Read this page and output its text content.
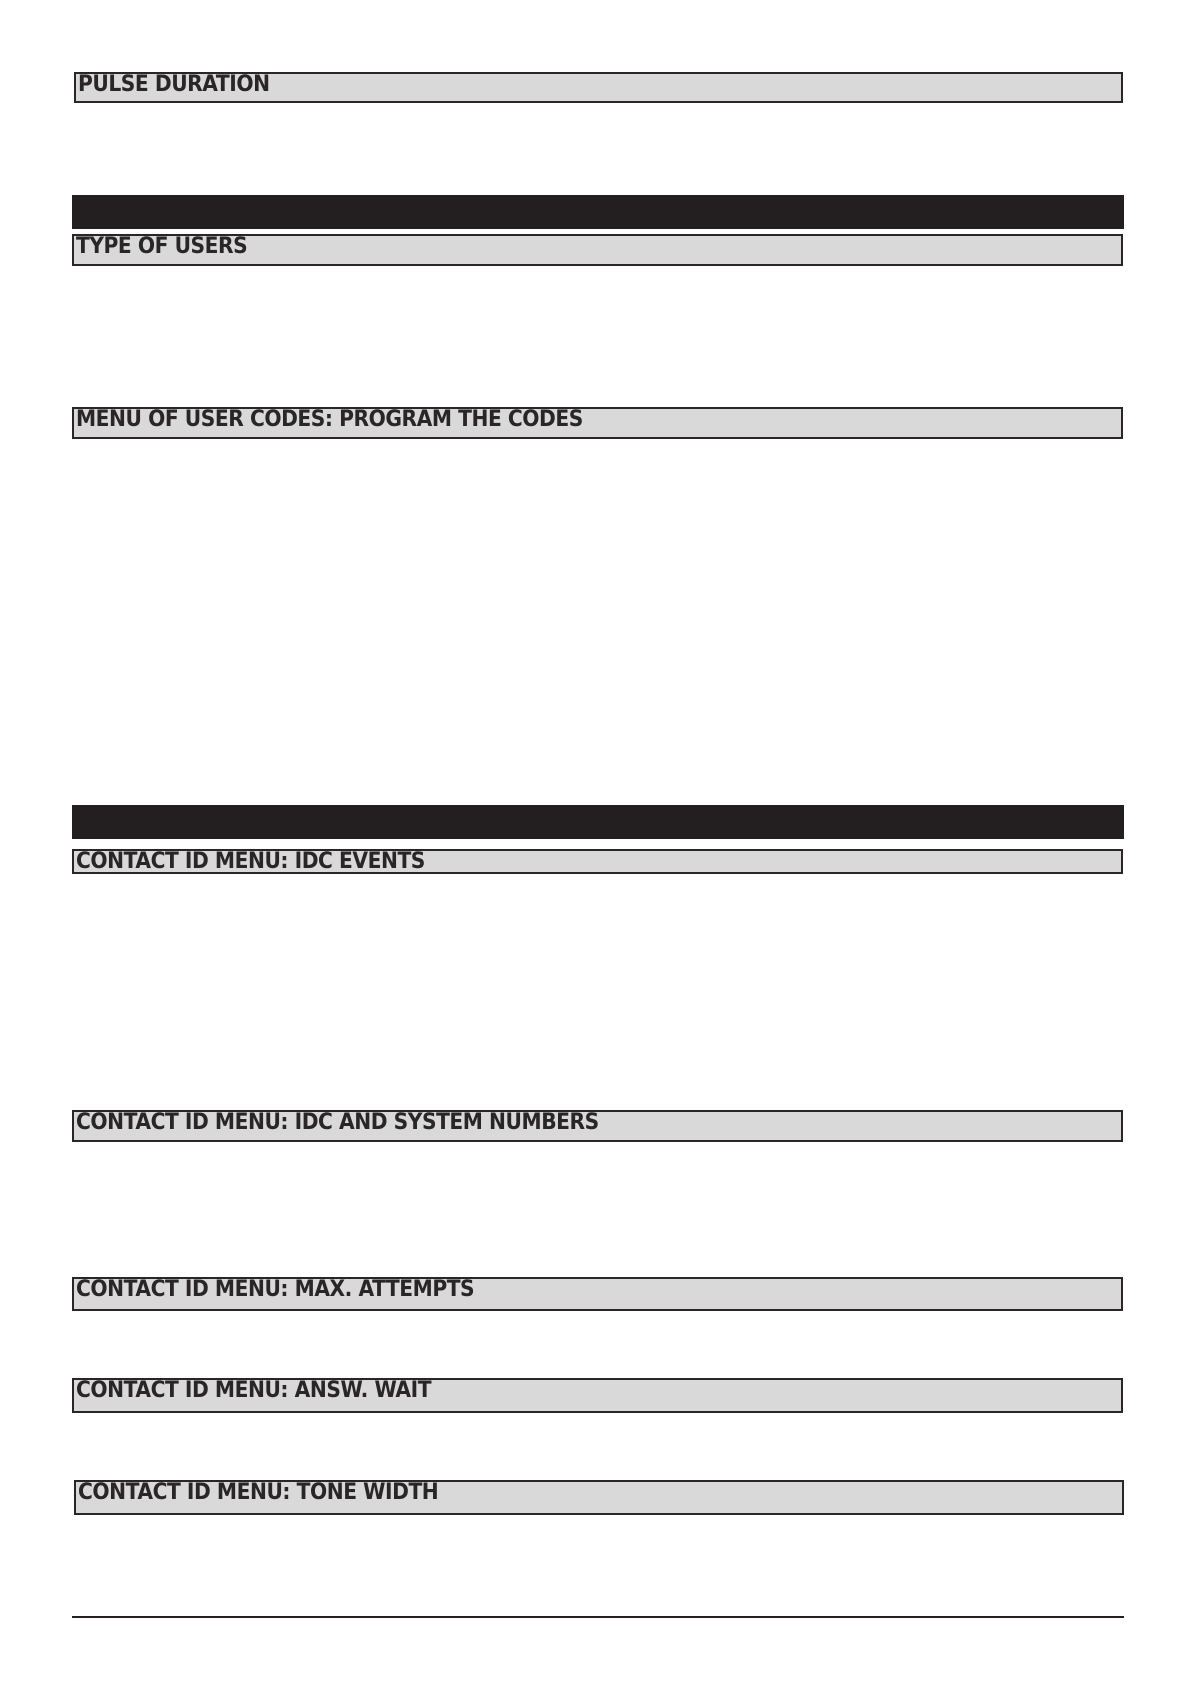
PULSE DURATION
TYPE OF USERS
MENU OF USER CODES: PROGRAM THE CODES
CONTACT ID MENU: IDC EVENTS
CONTACT ID MENU: IDC AND SYSTEM NUMBERS
CONTACT ID MENU: MAX. ATTEMPTS
CONTACT ID MENU: ANSW. WAIT
CONTACT ID MENU: TONE WIDTH
